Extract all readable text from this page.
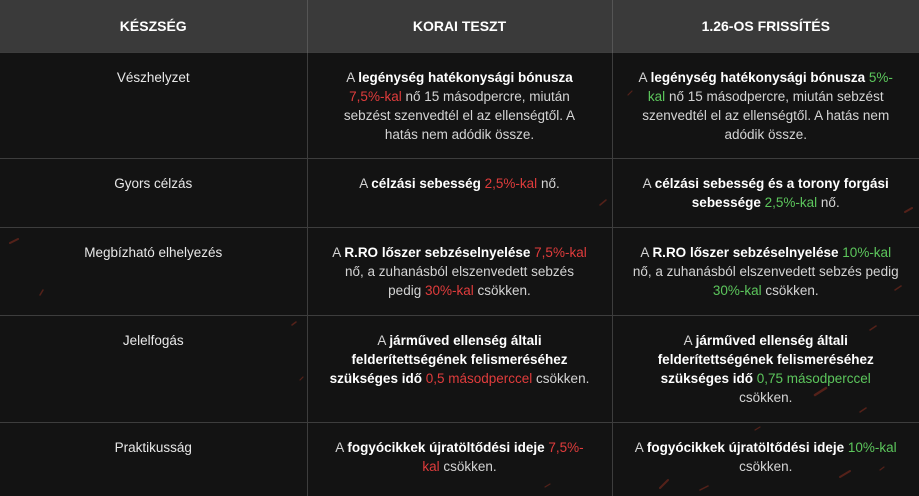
KÉSZSÉG	KORAI TESZT	1.26-OS FRISSÍTÉS
Vészhelyzet	A legénység hatékonysági bónusza 7,5%-kal nő 15 másodpercre, miután sebzést szenvedtél el az ellenségtől. A hatás nem adódik össze.	A legénység hatékonysági bónusza 5%-kal nő 15 másodpercre, miután sebzést szenvedtél el az ellenségtől. A hatás nem adódik össze.
Gyors célzás	A célzási sebesség 2,5%-kal nő.	A célzási sebesség és a torony forgási sebessége 2,5%-kal nő.
Megbízható elhelyezés	A R.RO lőszer sebzéselnyelése 7,5%-kal nő, a zuhanásból elszenvedett sebzés pedig 30%-kal csökken.	A R.RO lőszer sebzéselnyelése 10%-kal nő, a zuhanásból elszenvedett sebzés pedig 30%-kal csökken.
Jelelfogás	A járműved ellenség általi felderítettségének felismeréséhez szükséges idő 0,5 másodperccel csökken.	A járműved ellenség általi felderítettségének felismeréséhez szükséges idő 0,75 másodperccel csökken.
Praktikusság	A fogyócikkek újratöltődési ideje 7,5%-kal csökken.	A fogyócikkek újratöltődési ideje 10%-kal csökken.
